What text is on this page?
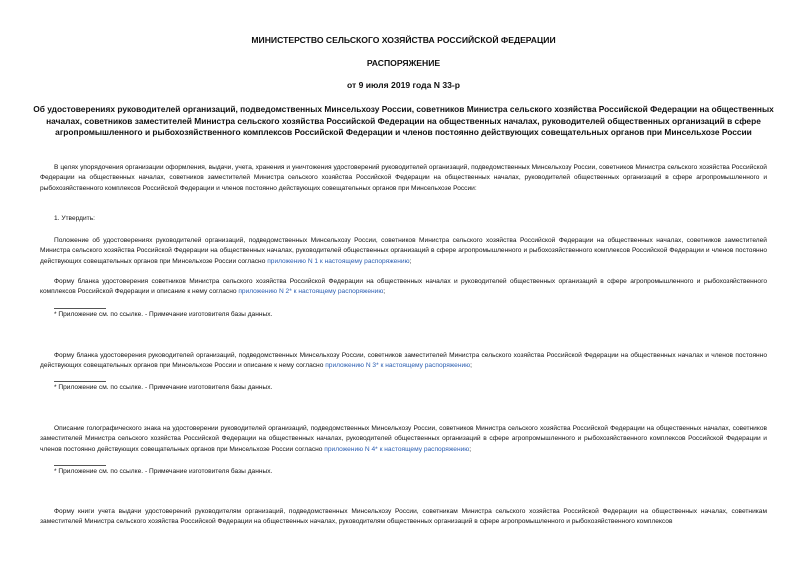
МИНИСТЕРСТВО СЕЛЬСКОГО ХОЗЯЙСТВА РОССИЙСКОЙ ФЕДЕРАЦИИ
РАСПОРЯЖЕНИЕ
от 9 июля 2019 года N 33-р
Об удостоверениях руководителей организаций, подведомственных Минсельхозу России, советников Министра сельского хозяйства Российской Федерации на общественных началах, советников заместителей Министра сельского хозяйства Российской Федерации на общественных началах, руководителей общественных организаций в сфере агропромышленного и рыбохозяйственного комплексов Российской Федерации и членов постоянно действующих совещательных органов при Минсельхозе России

В целях упорядочения организации оформления, выдачи, учета, хранения и уничтожения удостоверений руководителей организаций, подведомственных Минсельхозу России, советников Министра сельского хозяйства Российской Федерации на общественных началах, советников заместителей Министра сельского хозяйства Российской Федерации на общественных началах, руководителей общественных организаций в сфере агропромышленного и рыбохозяйственного комплексов Российской Федерации и членов постоянно действующих совещательных органов при Минсельхозе России:

1. Утвердить:

Положение об удостоверениях руководителей организаций, подведомственных Минсельхозу России, советников Министра сельского хозяйства Российской Федерации на общественных началах, советников заместителей Министра сельского хозяйства Российской Федерации на общественных началах, руководителей общественных организаций в сфере агропромышленного и рыбохозяйственного комплексов Российской Федерации и членов постоянно действующих совещательных органов при Минсельхозе России согласно приложению N 1 к настоящему распоряжению;

Форму бланка удостоверения советников Министра сельского хозяйства Российской Федерации на общественных началах и руководителей общественных организаций в сфере агропромышленного и рыбохозяйственного комплексов Российской Федерации и описание к нему согласно приложению N 2* к настоящему распоряжению;

* Приложение см. по ссылке. - Примечание изготовителя базы данных.

Форму бланка удостоверения руководителей организаций, подведомственных Минсельхозу России, советников заместителей Министра сельского хозяйства Российской Федерации на общественных началах и членов постоянно действующих совещательных органов при Минсельхозе России и описание к нему согласно приложению N 3* к настоящему распоряжению;

* Приложение см. по ссылке. - Примечание изготовителя базы данных.

Описание голографического знака на удостоверении руководителей организаций, подведомственных Минсельхозу России, советников Министра сельского хозяйства Российской Федерации на общественных началах, советников заместителей Министра сельского хозяйства Российской Федерации на общественных началах, руководителей общественных организаций в сфере агропромышленного и рыбохозяйственного комплексов Российской Федерации и членов постоянно действующих совещательных органов при Минсельхозе России согласно приложению N 4* к настоящему распоряжению;

* Приложение см. по ссылке. - Примечание изготовителя базы данных.

Форму книги учета выдачи удостоверений руководителям организаций, подведомственных Минсельхозу России, советникам Министра сельского хозяйства Российской Федерации на общественных началах, советникам заместителей Министра сельского хозяйства Российской Федерации на общественных началах, руководителям общественных организаций в сфере агропромышленного и рыбохозяйственного комплексов
